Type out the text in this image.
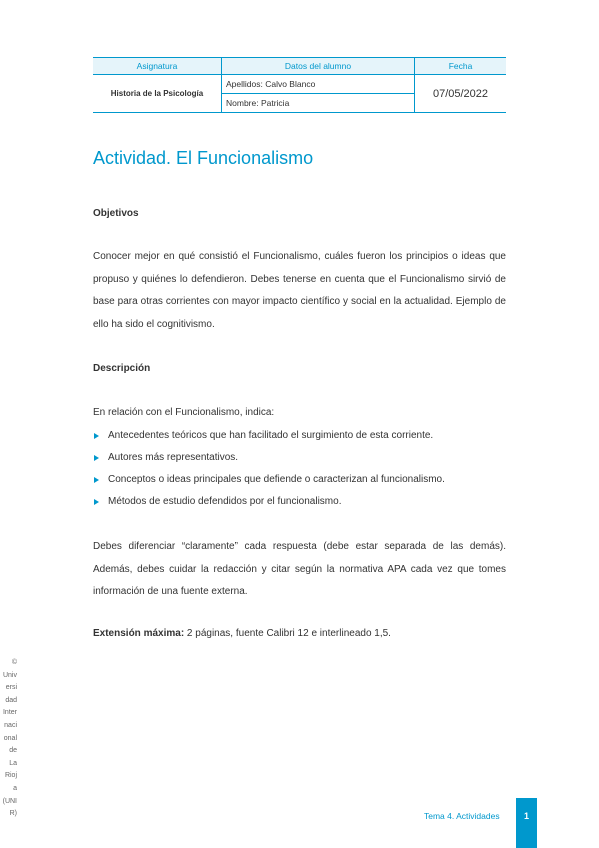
Asignatura	Datos del alumno	Fecha
Historia de la Psicología	Apellidos: Calvo Blanco	07/05/2022
	Nombre: Patricia	
Actividad. El Funcionalismo
Objetivos

Conocer mejor en qué consistió el Funcionalismo, cuáles fueron los principios o ideas que propuso y quiénes lo defendieron. Debes tenerse en cuenta que el Funcionalismo sirvió de base para otras corrientes con mayor impacto científico y social en la actualidad. Ejemplo de ello ha sido el cognitivismo.

Descripción

En relación con el Funcionalismo, indica:

Antecedentes teóricos que han facilitado el surgimiento de esta corriente.
Autores más representativos.
Conceptos o ideas principales que defiende o caracterizan al funcionalismo.
Métodos de estudio defendidos por el funcionalismo.

Debes diferenciar “claramente” cada respuesta (debe estar separada de las demás). Además, debes cuidar la redacción y citar según la normativa APA cada vez que tomes información de una fuente externa.

Extensión máxima: 2 páginas, fuente Calibri 12 e interlineado 1,5.

©
Univ
ersi
dad
Inter
naci
onal
de
La
Rioj
a
(UNI
R)	Tema 4. Actividades	1
